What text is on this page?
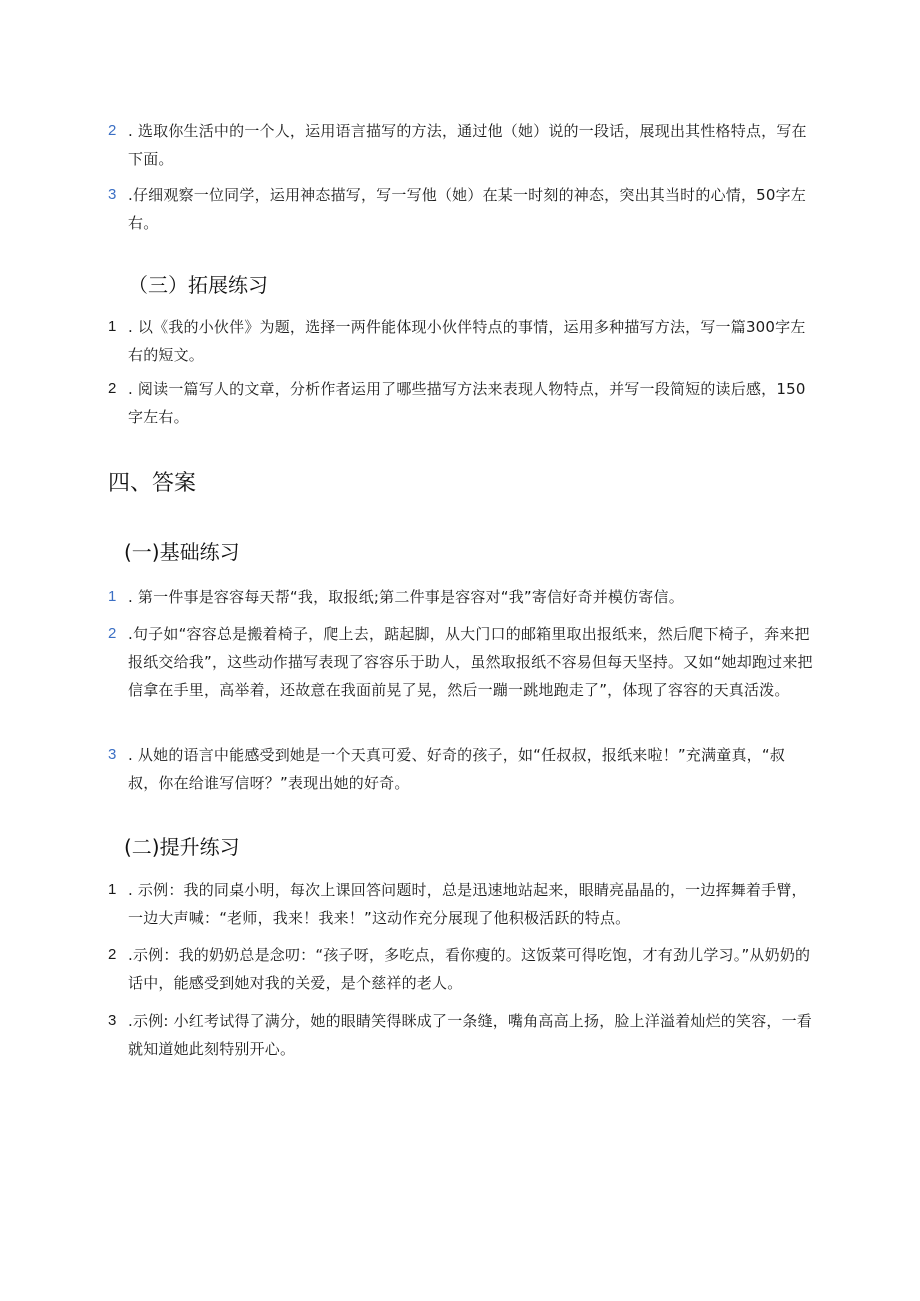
2 . 选取你生活中的一个人，运用语言描写的方法，通过他（她）说的一段话，展现出其性格特点，写在下面。
3 .仔细观察一位同学，运用神态描写，写一写他（她）在某一时刻的神态，突出其当时的心情，50字左右。
（三）拓展练习
1 . 以《我的小伙伴》为题，选择一两件能体现小伙伴特点的事情，运用多种描写方法，写一篇300字左右的短文。
2 . 阅读一篇写人的文章，分析作者运用了哪些描写方法来表现人物特点，并写一段简短的读后感，150字左右。
四、答案
(一)基础练习
1 . 第一件事是容容每天帮“我，取报纸;第二件事是容容对“我”寄信好奇并模仿寄信。
2 .句子如“容容总是搬着椅子，爬上去，踮起脚，从大门口的邮箱里取出报纸来，然后爬下椅子，奔来把报纸交给我”，这些动作描写表现了容容乐于助人，虽然取报纸不容易但每天坚持。又如“她却跑过来把信拿在手里，高举着，还故意在我面前晃了晃，然后一蹦一跳地跑走了”，体现了容容的天真活泼。
3 . 从她的语言中能感受到她是一个天真可爱、好奇的孩子，如“任叔叔，报纸来啦！”充满童真，“叔叔，你在给谁写信呀？”表现出她的好奇。
(二)提升练习
1 . 示例：我的同桌小明，每次上课回答问题时，总是迅速地站起来，眼睛亮晶晶的，一边挥舞着手臂，一边大声喊：“老师，我来！我来！”这动作充分展现了他积极活跃的特点。
2 .示例：我的奶奶总是念叨：“孩子呀，多吃点，看你瘦的。这饭菜可得吃饱，才有劲儿学习。”从奶奶的话中，能感受到她对我的关爱，是个慈祥的老人。
3 .示例: 小红考试得了满分，她的眼睛笑得眯成了一条缝，嘴角高高上扬，脸上洋溢着灿烂的笑容，一看就知道她此刻特别开心。
